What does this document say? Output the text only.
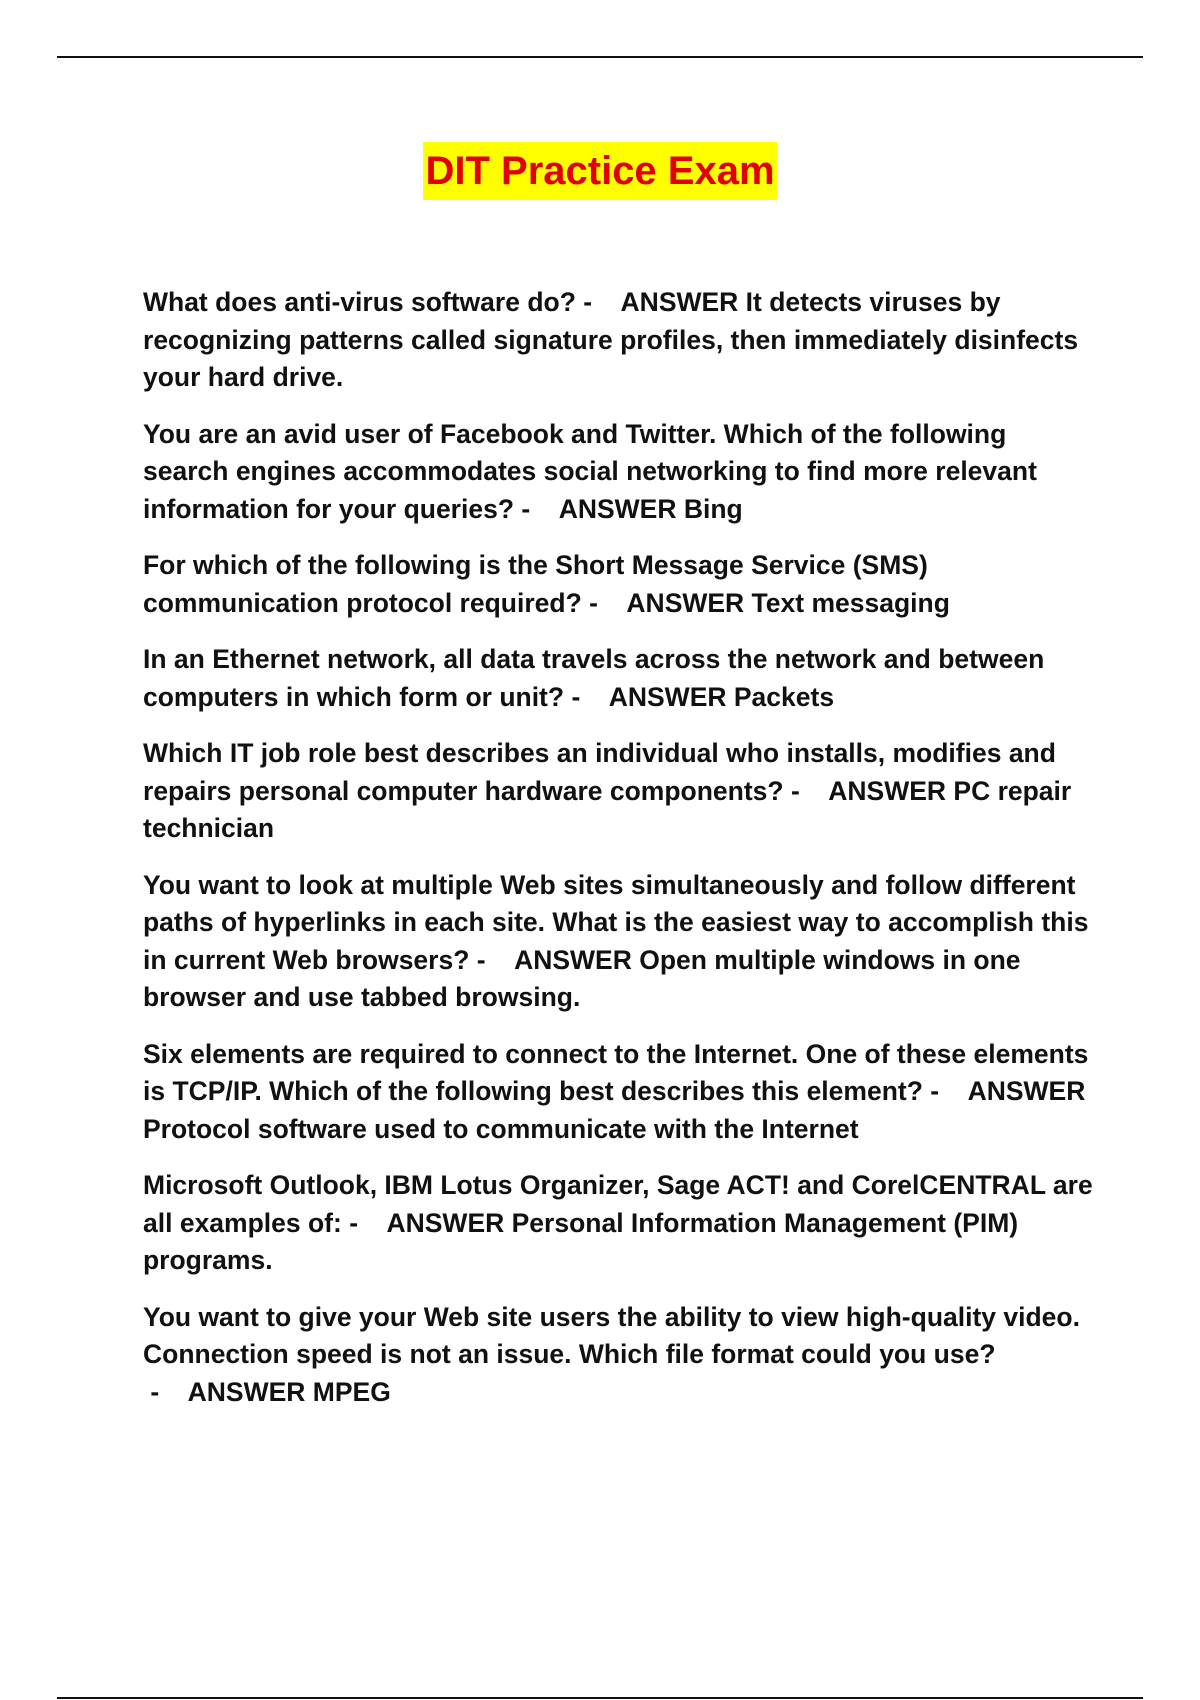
DIT Practice Exam

What does anti-virus software do? -    ANSWER It detects viruses by recognizing patterns called signature profiles, then immediately disinfects your hard drive.

You are an avid user of Facebook and Twitter. Which of the following search engines accommodates social networking to find more relevant information for your queries? -    ANSWER Bing

For which of the following is the Short Message Service (SMS) communication protocol required? -    ANSWER Text messaging

In an Ethernet network, all data travels across the network and between computers in which form or unit? -    ANSWER Packets

Which IT job role best describes an individual who installs, modifies and repairs personal computer hardware components? -    ANSWER PC repair technician

You want to look at multiple Web sites simultaneously and follow different paths of hyperlinks in each site. What is the easiest way to accomplish this in current Web browsers? -    ANSWER Open multiple windows in one browser and use tabbed browsing.

Six elements are required to connect to the Internet. One of these elements is TCP/IP. Which of the following best describes this element? -    ANSWER Protocol software used to communicate with the Internet

Microsoft Outlook, IBM Lotus Organizer, Sage ACT! and CorelCENTRAL are all examples of: -    ANSWER Personal Information Management (PIM) programs.

You want to give your Web site users the ability to view high-quality video. Connection speed is not an issue. Which file format could you use? -    ANSWER MPEG
